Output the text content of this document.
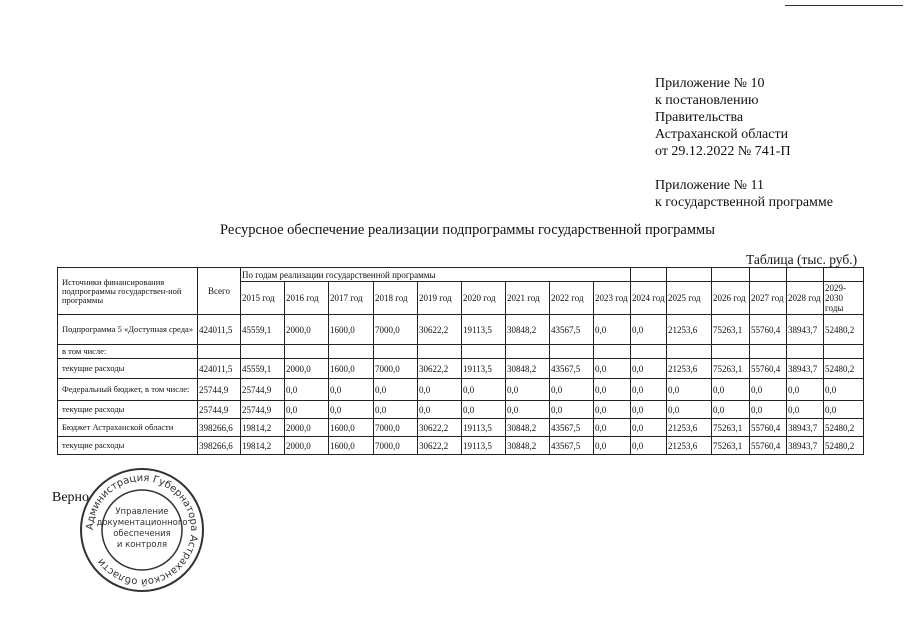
Приложение № 10
к постановлению
Правительства
Астраханской области
от 29.12.2022 № 741-П
Приложение № 11
к государственной программе
Ресурсное обеспечение реализации подпрограммы государственной программы
Таблица (тыс. руб.)
Источники финансирования подпрограммы государствен-ной программы	Всего	По годам реализации государственной программы														
		2015 год	2016 год	2017 год	2018 год	2019 год	2020 год	2021 год	2022 год	2023 год	2024 год	2025 год	2026 год	2027 год	2028 год	2029-2030 годы
Подпрограмма 5 «Доступная среда»	424011,5	45559,1	2000,0	1600,0	7000,0	30622,2	19113,5	30848,2	43567,5	0,0	0,0	21253,6	75263,1	55760,4	38943,7	52480,2
в том числе:																
текущие расходы	424011,5	45559,1	2000,0	1600,0	7000,0	30622,2	19113,5	30848,2	43567,5	0,0	0,0	21253,6	75263,1	55760,4	38943,7	52480,2
Федеральный бюджет, в том числе:	25744,9	25744,9	0,0	0,0	0,0	0,0	0,0	0,0	0,0	0,0	0,0	0,0	0,0	0,0	0,0	0,0
текущие расходы	25744,9	25744,9	0,0	0,0	0,0	0,0	0,0	0,0	0,0	0,0	0,0	0,0	0,0	0,0	0,0	0,0
Бюджет Астраханской области	398266,6	19814,2	2000,0	1600,0	7000,0	30622,2	19113,5	30848,2	43567,5	0,0	0,0	21253,6	75263,1	55760,4	38943,7	52480,2
текущие расходы	398266,6	19814,2	2000,0	1600,0	7000,0	30622,2	19113,5	30848,2	43567,5	0,0	0,0	21253,6	75263,1	55760,4	38943,7	52480,2
Верно
Администрация Губернатора Астраханской области
Управление документационного обеспечения и контроля
